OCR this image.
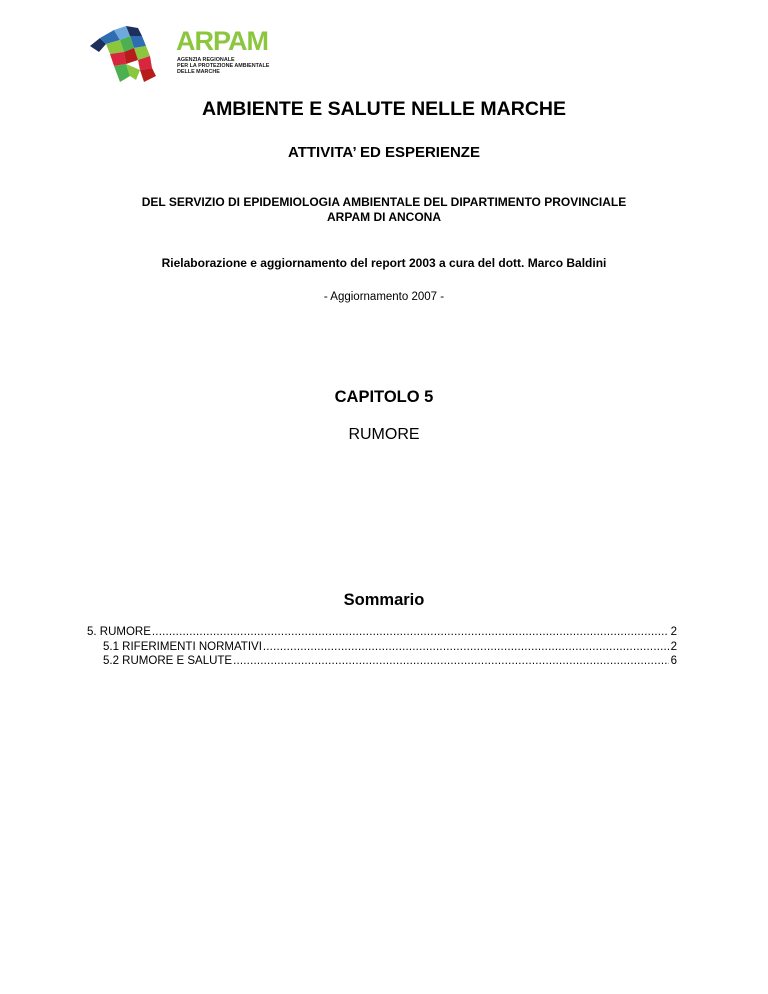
ARPAM
AGENZIA REGIONALE
PER LA PROTEZIONE AMBIENTALE
DELLE MARCHE
AMBIENTE E SALUTE NELLE MARCHE
ATTIVITA’ ED ESPERIENZE
DEL SERVIZIO DI EPIDEMIOLOGIA AMBIENTALE DEL DIPARTIMENTO PROVINCIALE
ARPAM DI ANCONA
Rielaborazione e aggiornamento del report 2003 a cura del dott. Marco Baldini
- Aggiornamento 2007 -
CAPITOLO 5
RUMORE
Sommario
5. RUMORE .....	2
5.1 RIFERIMENTI NORMATIVI .....	2
5.2 RUMORE E SALUTE .....	6
